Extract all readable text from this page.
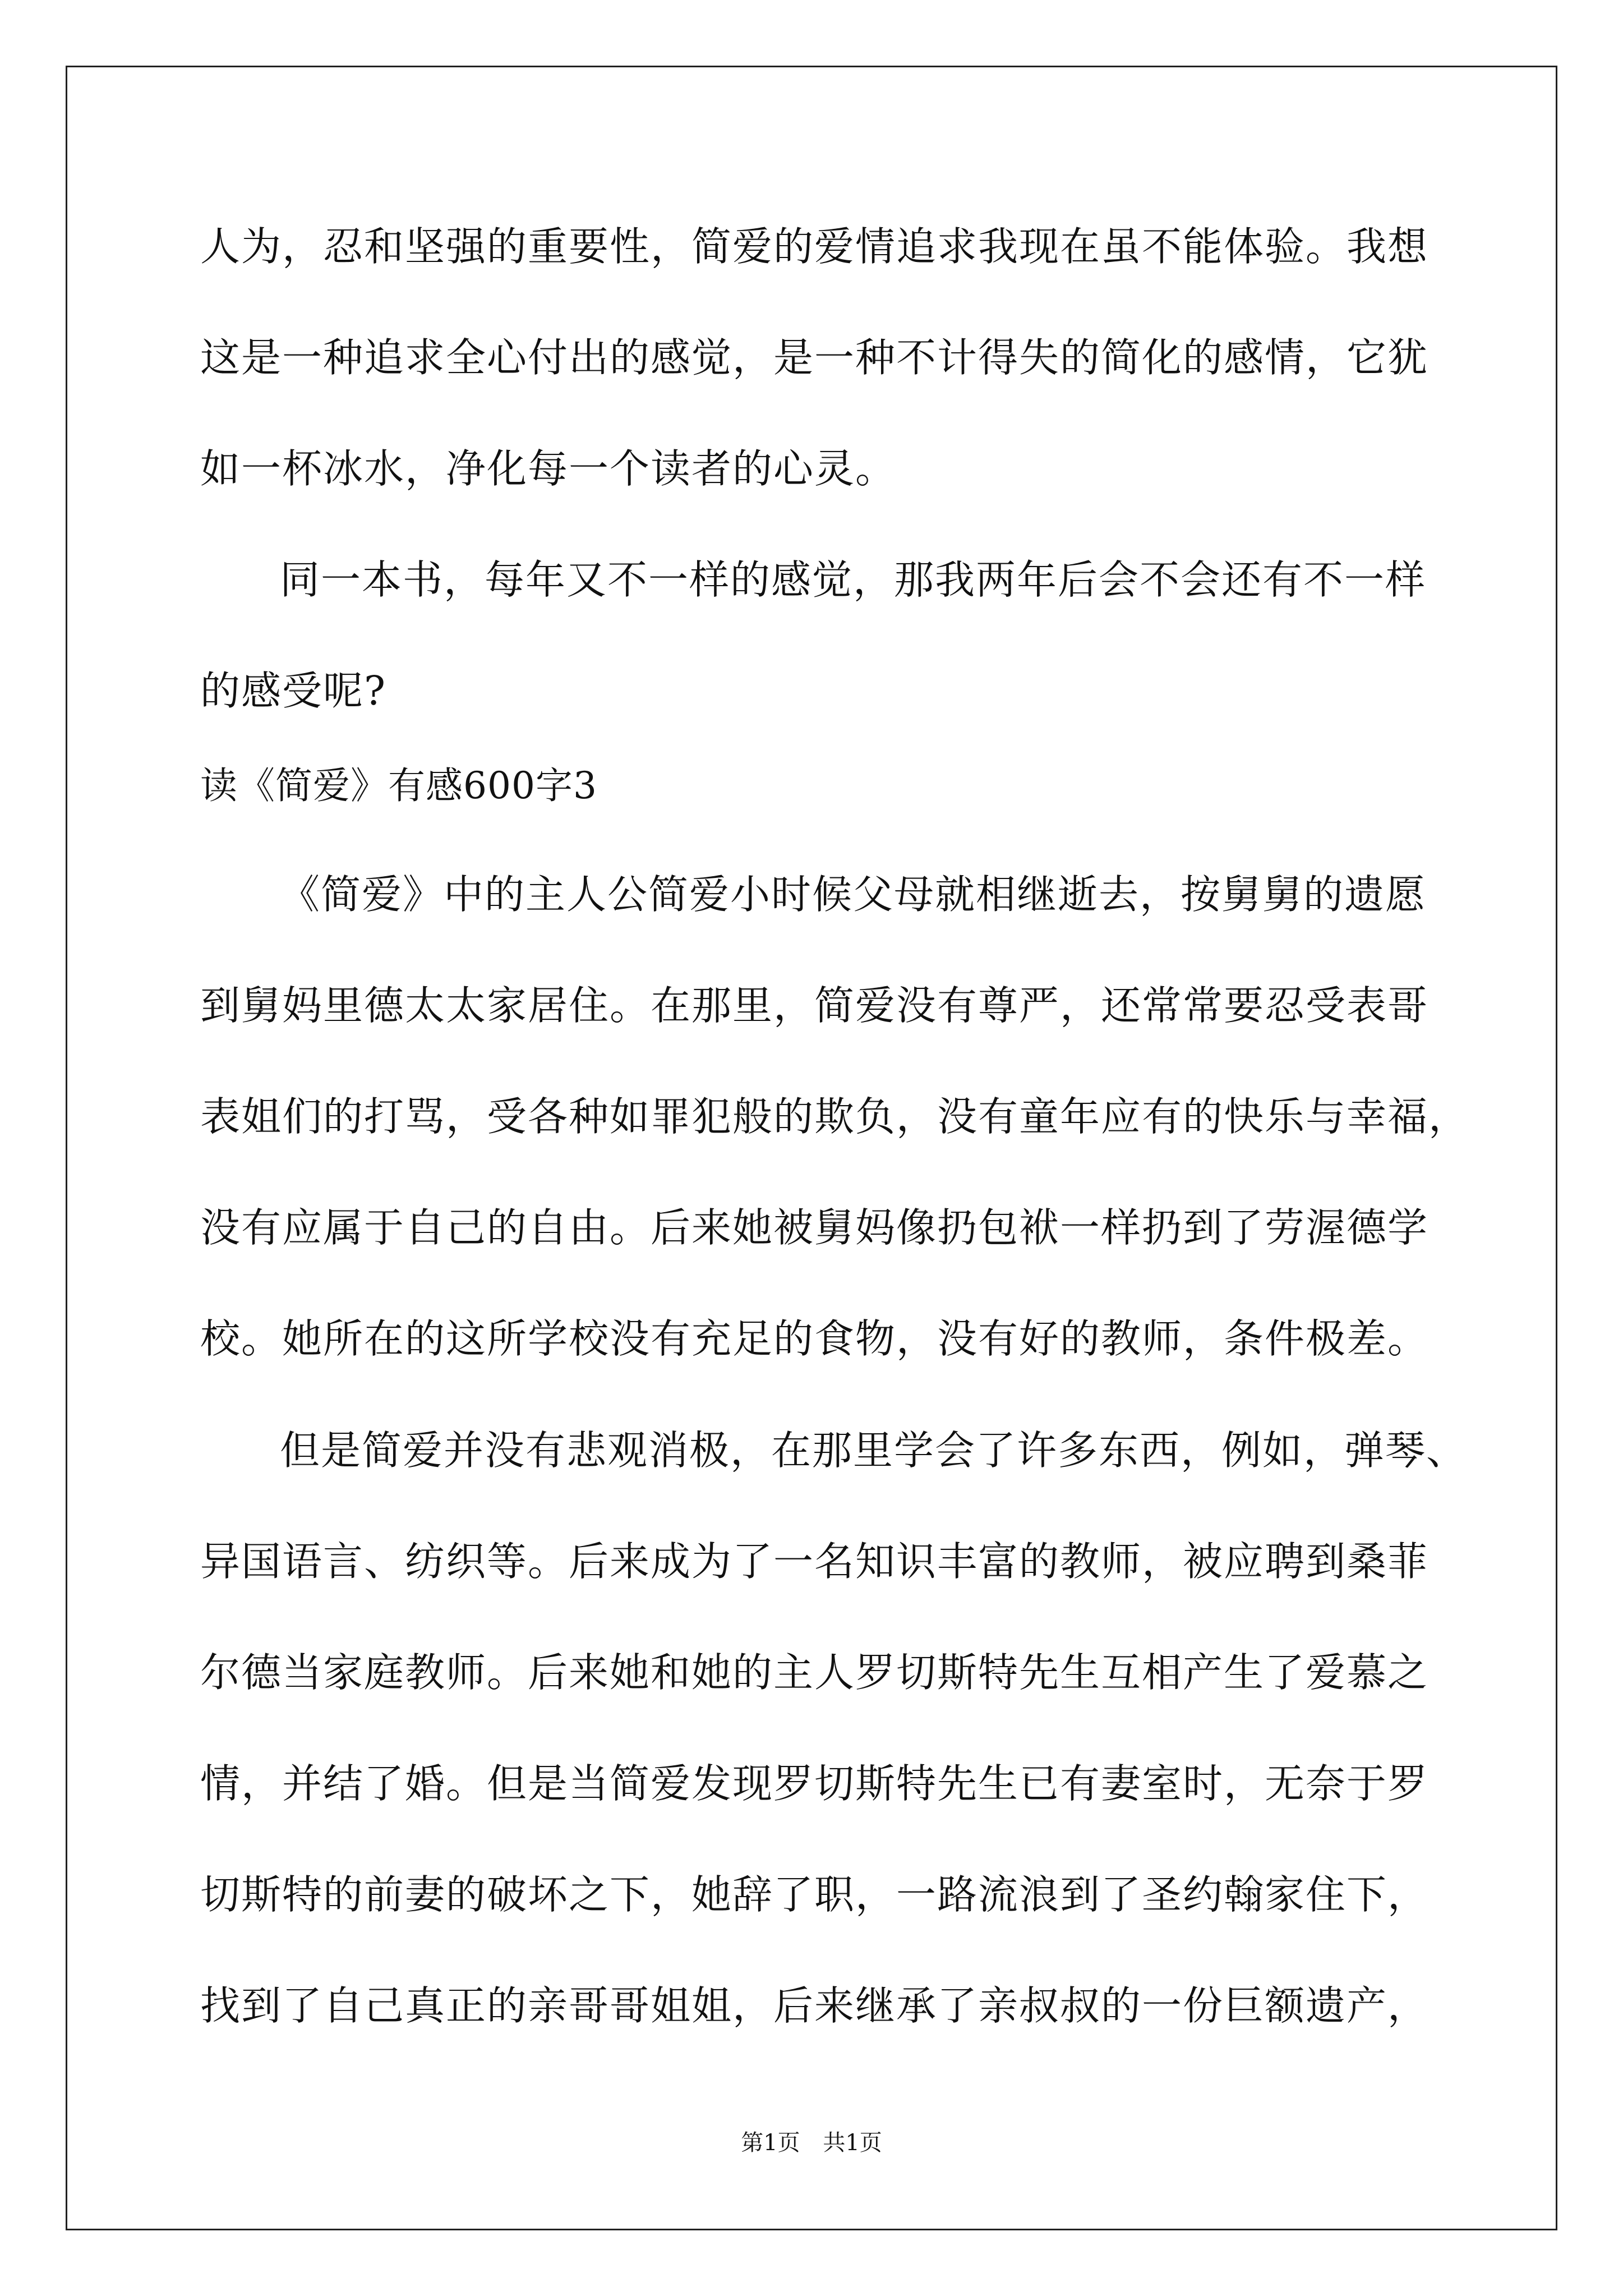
人为，忍和坚强的重要性，简爱的爱情追求我现在虽不能体验。我想
这是一种追求全心付出的感觉，是一种不计得失的简化的感情，它犹
如一杯冰水，净化每一个读者的心灵。
同一本书，每年又不一样的感觉，那我两年后会不会还有不一样
的感受呢?
读《简爱》有感600字3
《简爱》中的主人公简爱小时候父母就相继逝去，按舅舅的遗愿
到舅妈里德太太家居住。在那里，简爱没有尊严，还常常要忍受表哥
表姐们的打骂，受各种如罪犯般的欺负，没有童年应有的快乐与幸福，
没有应属于自己的自由。后来她被舅妈像扔包袱一样扔到了劳渥德学
校。她所在的这所学校没有充足的食物，没有好的教师，条件极差。
但是简爱并没有悲观消极，在那里学会了许多东西，例如，弹琴、
异国语言、纺织等。后来成为了一名知识丰富的教师，被应聘到桑菲
尔德当家庭教师。后来她和她的主人罗切斯特先生互相产生了爱慕之
情，并结了婚。但是当简爱发现罗切斯特先生已有妻室时，无奈于罗
切斯特的前妻的破坏之下，她辞了职，一路流浪到了圣约翰家住下，
找到了自己真正的亲哥哥姐姐，后来继承了亲叔叔的一份巨额遗产，
第1页 共1页
